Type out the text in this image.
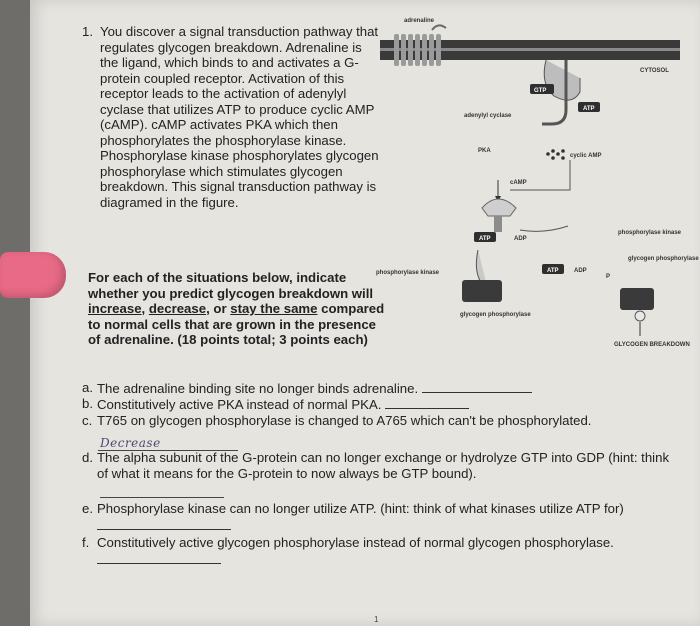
1. You discover a signal transduction pathway that regulates glycogen breakdown. Adrenaline is the ligand, which binds to and activates a G-protein coupled receptor. Activation of this receptor leads to the activation of adenylyl cyclase that utilizes ATP to produce cyclic AMP (cAMP). cAMP activates PKA which then phosphorylates the phosphorylase kinase. Phosphorylase kinase phosphorylates glycogen phosphorylase which stimulates glycogen breakdown. This signal transduction pathway is diagramed in the figure.
For each of the situations below, indicate whether you predict glycogen breakdown will increase, decrease, or stay the same compared to normal cells that are grown in the presence of adrenaline. (18 points total; 3 points each)
a. The adrenaline binding site no longer binds adrenaline.
b. Constitutively active PKA instead of normal PKA.
c. T765 on glycogen phosphorylase is changed to A765 which can't be phosphorylated.
d. The alpha subunit of the G-protein can no longer exchange or hydrolyze GTP into GDP (hint: think of what it means for the G-protein to now always be GTP bound).
e. Phosphorylase kinase can no longer utilize ATP. (hint: think of what kinases utilize ATP for)
f. Constitutively active glycogen phosphorylase instead of normal glycogen phosphorylase.
Decrease
adrenaline
CYTOSOL
GTP
ATP
adenylyl cyclase
PKA
cyclic AMP
cAMP
phosphorylase kinase
ATP	ADP
glycogen phosphorylase
phosphorylase kinase	ATP	ADP
P
glycogen phosphorylase
GLYCOGEN BREAKDOWN
1
